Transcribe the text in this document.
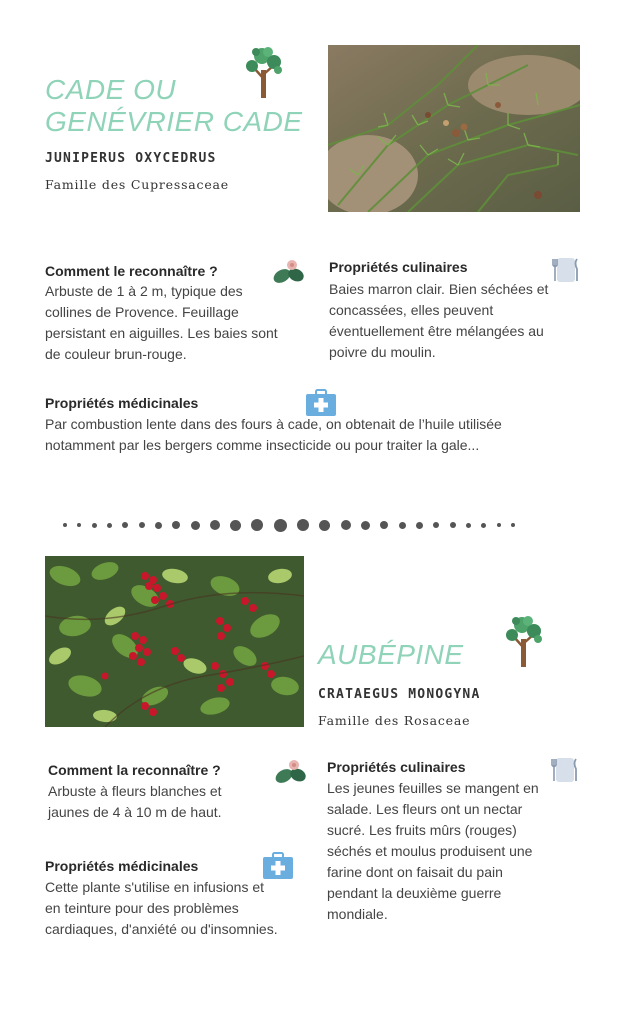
CADE OU
GENÉVRIER CADE
JUNIPERUS OXYCEDRUS
Famille des Cupressaceae
Comment le reconnaître ?
Arbuste de 1 à 2 m, typique des
collines de Provence. Feuillage
persistant en aiguilles. Les baies sont
de couleur brun-rouge.
Propriétés culinaires
Baies marron clair. Bien séchées et
concassées, elles peuvent
éventuellement être mélangées au
poivre du moulin.
Propriétés médicinales
Par combustion lente dans des fours à cade, on obtenait de l’huile utilisée
notamment par les bergers comme insecticide ou pour traiter la gale...
AUBÉPINE
CRATAEGUS MONOGYNA
Famille des Rosaceae
Comment la reconnaître ?
Arbuste à fleurs blanches et
jaunes de 4 à 10 m de haut.
Propriétés culinaires
Les jeunes feuilles se mangent en
salade. Les fleurs ont un nectar
sucré. Les fruits mûrs (rouges)
séchés et moulus produisent une
farine dont on faisait du pain
pendant la deuxième guerre
mondiale.
Propriétés médicinales
Cette plante s'utilise en infusions et
en teinture pour des problèmes
cardiaques, d'anxiété ou d'insomnies.
